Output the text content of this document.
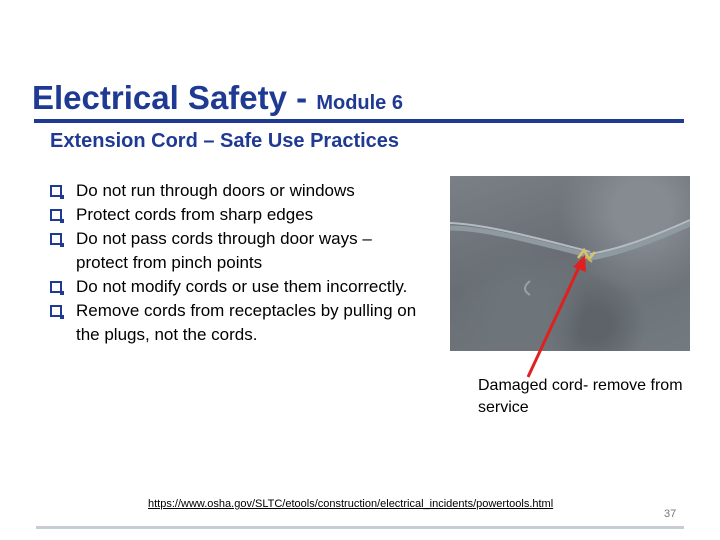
Electrical Safety - Module 6
Extension Cord – Safe Use Practices
Do not run through doors or windows
Protect cords from sharp edges
Do not pass cords through door ways – protect from pinch points
Do not modify cords or use them incorrectly.
Remove cords from receptacles by pulling on the plugs, not the cords.
Damaged cord- remove from service
https://www.osha.gov/SLTC/etools/construction/electrical_incidents/powertools.html
37
